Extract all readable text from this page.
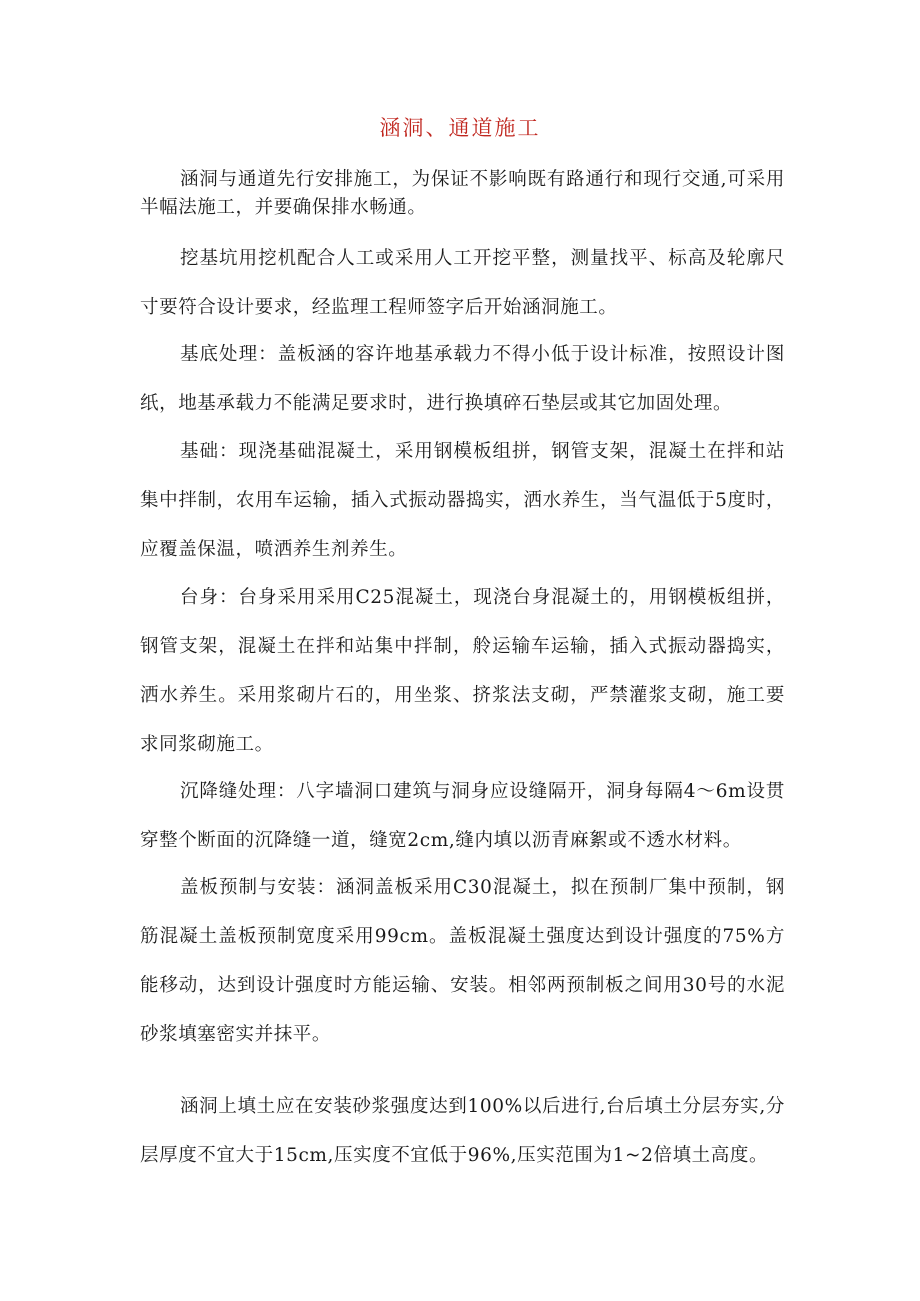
涵洞、通道施工

涵洞与通道先行安排施工，为保证不影响既有路通行和现行交通,可采用半幅法施工，并要确保排水畅通。

挖基坑用挖机配合人工或采用人工开挖平整，测量找平、标高及轮廓尺寸要符合设计要求，经监理工程师签字后开始涵洞施工。

基底处理：盖板涵的容许地基承载力不得小低于设计标准，按照设计图纸，地基承载力不能满足要求时，进行换填碎石垫层或其它加固处理。

基础：现浇基础混凝土，采用钢模板组拼，钢管支架，混凝土在拌和站集中拌制，农用车运输，插入式振动器捣实，洒水养生，当气温低于5度时，应覆盖保温，喷洒养生剂养生。

台身：台身采用采用C25混凝土，现浇台身混凝土的，用钢模板组拼，钢管支架，混凝土在拌和站集中拌制，舲运输车运输，插入式振动器捣实，洒水养生。采用浆砌片石的，用坐浆、挤浆法支砌，严禁灌浆支砌，施工要求同浆砌施工。

沉降缝处理：八字墙洞口建筑与洞身应设缝隔开，洞身每隔4～6m设贯穿整个断面的沉降缝一道，缝宽2cm,缝内填以沥青麻絮或不透水材料。

盖板预制与安装：涵洞盖板采用C30混凝土，拟在预制厂集中预制，钢筋混凝土盖板预制宽度采用99cm。盖板混凝土强度达到设计强度的75%方能移动，达到设计强度时方能运输、安装。相邻两预制板之间用30号的水泥砂浆填塞密实并抹平。

涵洞上填土应在安装砂浆强度达到100%以后进行,台后填土分层夯实,分层厚度不宜大于15cm,压实度不宜低于96%,压实范围为1~2倍填土高度。
